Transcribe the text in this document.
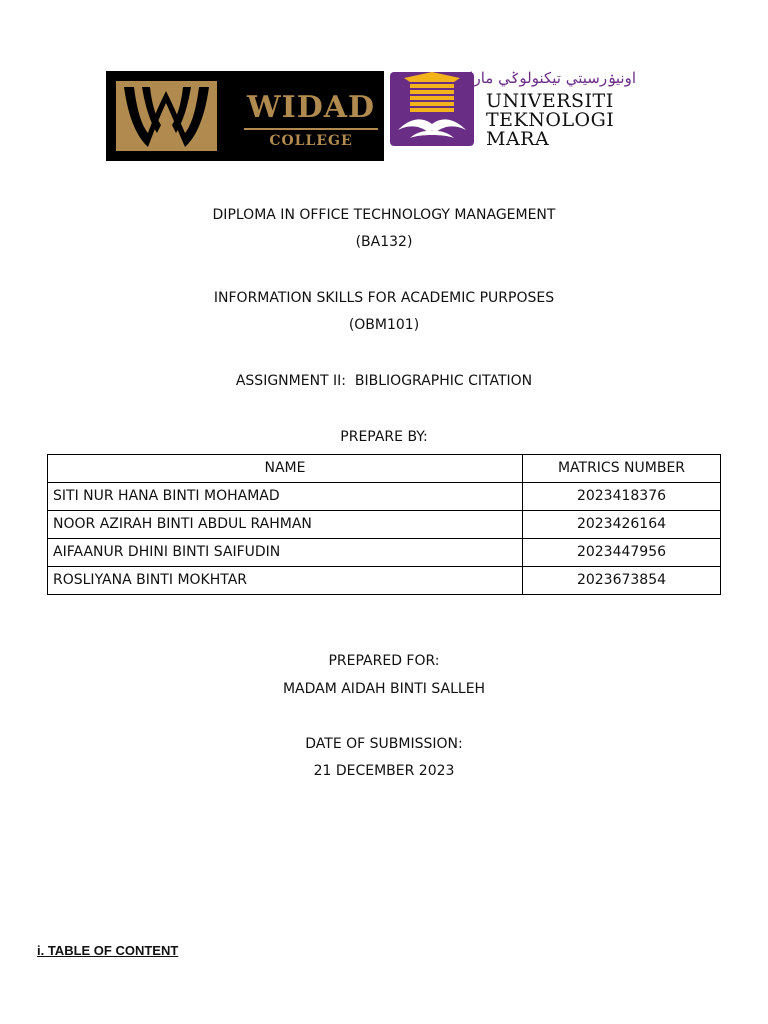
WIDAD
COLLEGE
اونيۏرسيتي تيكنولوݢي مارا
UNIVERSITI
TEKNOLOGI
MARA
DIPLOMA IN OFFICE TECHNOLOGY MANAGEMENT
(BA132)
INFORMATION SKILLS FOR ACADEMIC PURPOSES
(OBM101)
ASSIGNMENT II:  BIBLIOGRAPHIC CITATION
PREPARE BY:
NAME	MATRICS NUMBER
SITI NUR HANA BINTI MOHAMAD	2023418376
NOOR AZIRAH BINTI ABDUL RAHMAN	2023426164
AIFAANUR DHINI BINTI SAIFUDIN	2023447956
ROSLIYANA BINTI MOKHTAR	2023673854
PREPARED FOR:
MADAM AIDAH BINTI SALLEH
DATE OF SUBMISSION:
21 DECEMBER 2023
i. TABLE OF CONTENT
